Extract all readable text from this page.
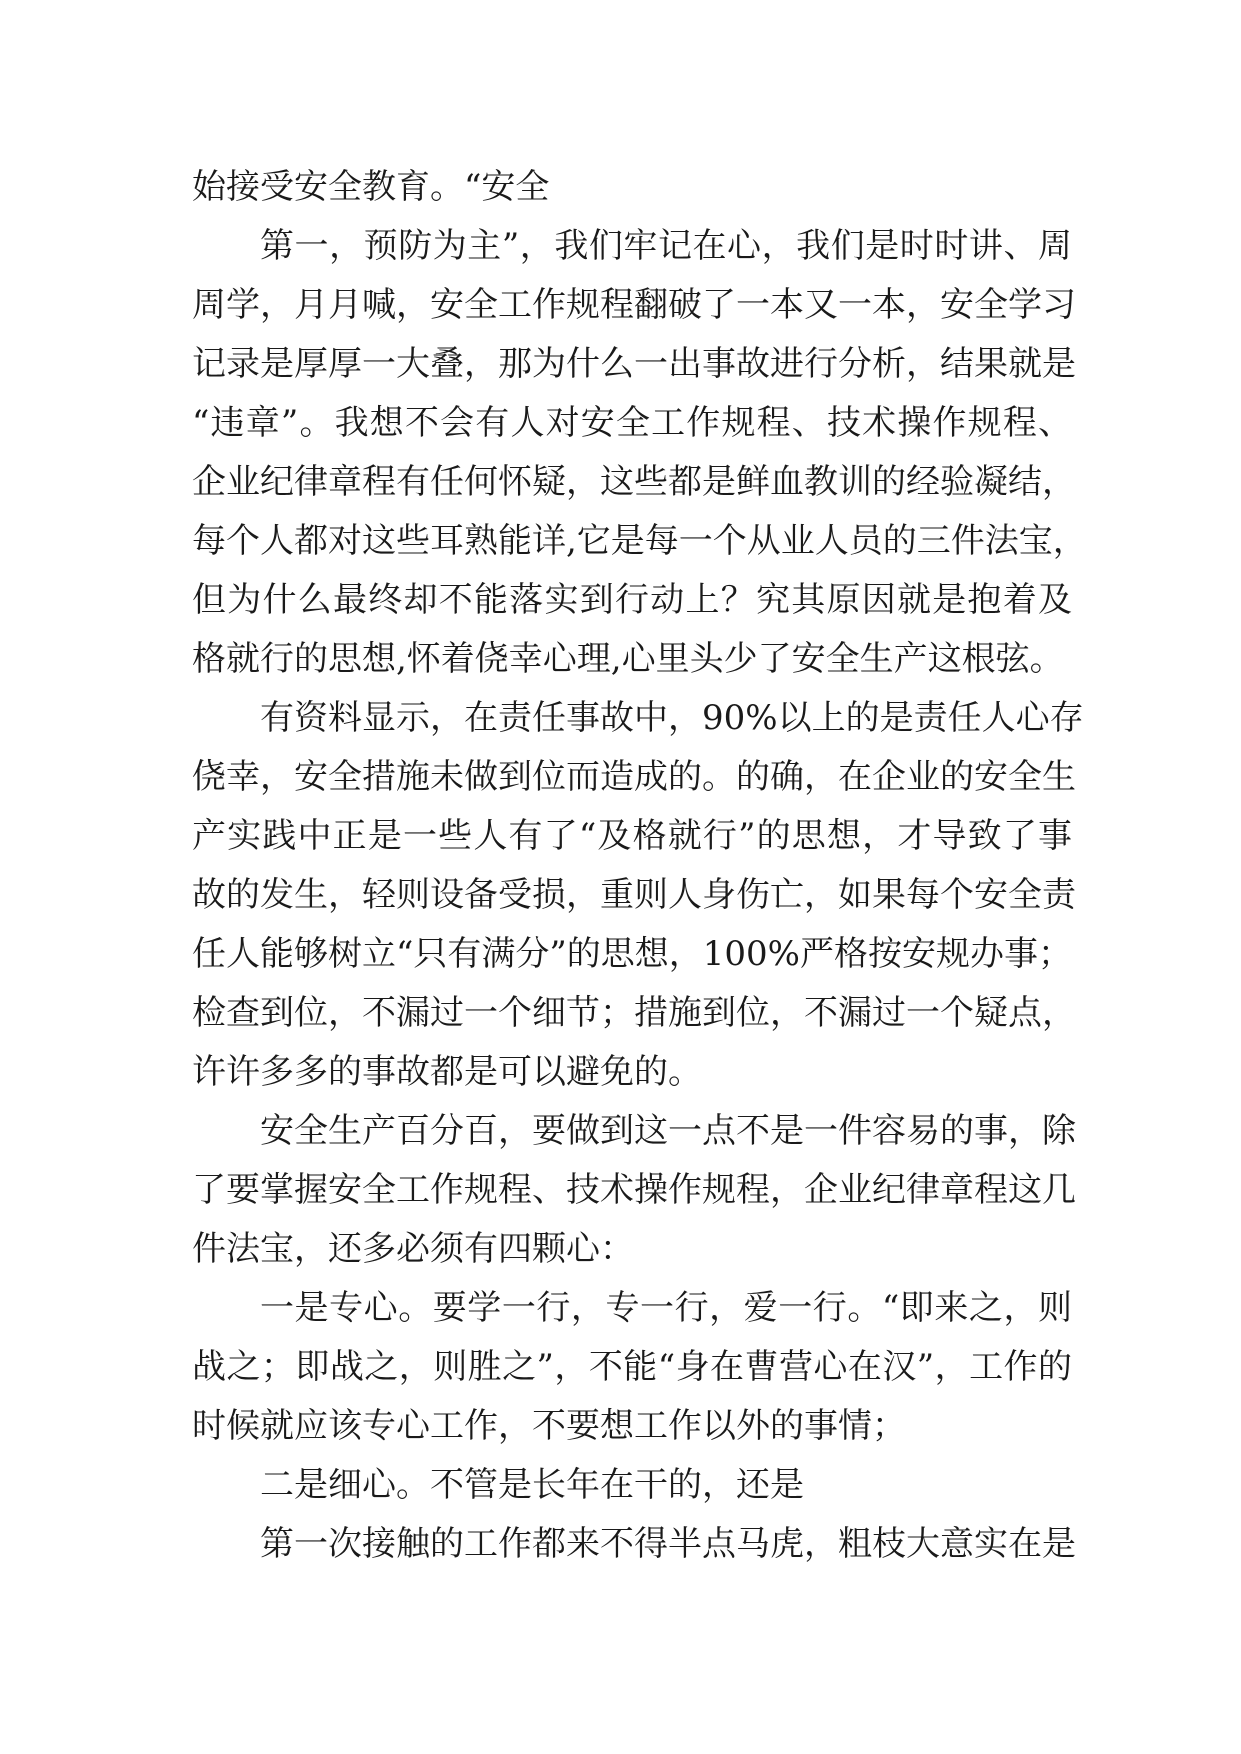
始接受安全教育。“安全
第一，预防为主”，我们牢记在心，我们是时时讲、周
周学，月月喊，安全工作规程翻破了一本又一本，安全学习
记录是厚厚一大叠，那为什么一出事故进行分析，结果就是
“违章”。我想不会有人对安全工作规程、技术操作规程、
企业纪律章程有任何怀疑，这些都是鲜血教训的经验凝结，
每个人都对这些耳熟能详,它是每一个从业人员的三件法宝，
但为什么最终却不能落实到行动上？究其原因就是抱着及
格就行的思想,怀着侥幸心理,心里头少了安全生产这根弦。
有资料显示，在责任事故中，90%以上的是责任人心存
侥幸，安全措施未做到位而造成的。的确，在企业的安全生
产实践中正是一些人有了“及格就行”的思想，才导致了事
故的发生，轻则设备受损，重则人身伤亡，如果每个安全责
任人能够树立“只有满分”的思想，100%严格按安规办事；
检查到位，不漏过一个细节；措施到位，不漏过一个疑点，
许许多多的事故都是可以避免的。
安全生产百分百，要做到这一点不是一件容易的事，除
了要掌握安全工作规程、技术操作规程，企业纪律章程这几
件法宝，还多必须有四颗心：
一是专心。要学一行，专一行，爱一行。“即来之，则
战之；即战之，则胜之”，不能“身在曹营心在汉”，工作的
时候就应该专心工作，不要想工作以外的事情；
二是细心。不管是长年在干的，还是
第一次接触的工作都来不得半点马虎，粗枝大意实在是
